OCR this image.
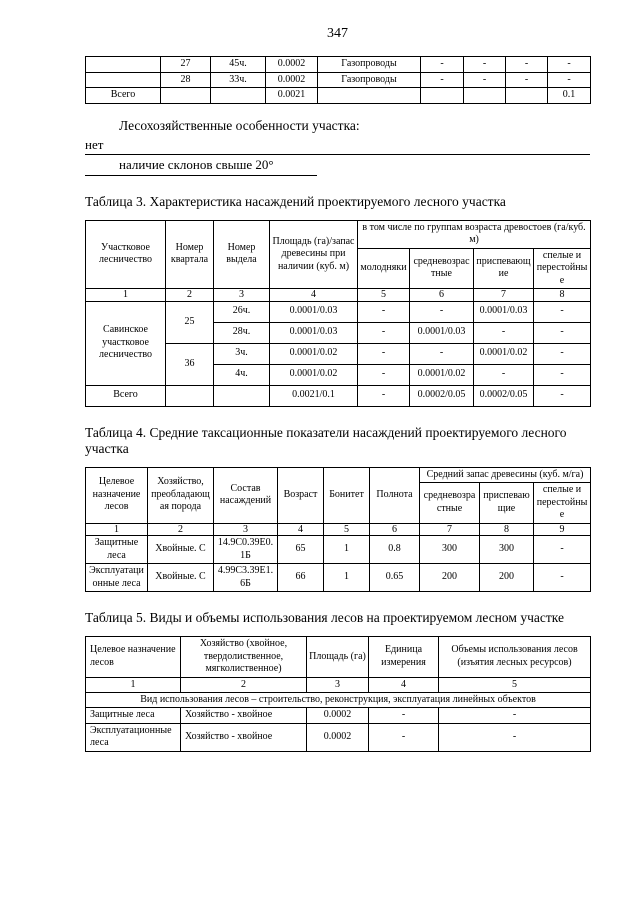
347
	27	45ч.	0.0002	Газопроводы	-	-	-	-
	28	33ч.	0.0002	Газопроводы	-	-	-	-
Всего			0.0021					0.1
Лесохозяйственные особенности участка:
нет
наличие склонов свыше 20°
Таблица 3. Характеристика насаждений проектируемого лесного участка
Участковое лесничество	Номер квартала	Номер выдела	Площадь (га)/запас древесины при наличии (куб. м)	в том числе по группам возраста древостоев (га/куб. м)			
				молодняки	средневозрастные	приспевающие	спелые и перестойные
1	2	3	4	5	6	7	8
Савинское участковое лесничество	25	26ч.	0.0001/0.03	-	-	0.0001/0.03	-
		28ч.	0.0001/0.03	-	0.0001/0.03	-	-
	36	3ч.	0.0001/0.02	-	-	0.0001/0.02	-
		4ч.	0.0001/0.02	-	0.0001/0.02	-	-
Всего			0.0021/0.1	-	0.0002/0.05	0.0002/0.05	-
Таблица 4. Средние таксационные показатели насаждений проектируемого лесного участка
Целевое назначение лесов	Хозяйство, преобладающая порода	Состав насаждений	Возраст	Бонитет	Полнота	Средний запас древесины (куб. м/га)		
						средневозрастные	приспевающие	спелые и перестойные
1	2	3	4	5	6	7	8	9
Защитные леса	Хвойные. С	14.9С0.39Е0.1Б	65	1	0.8	300	300	-
Эксплуатационные леса	Хвойные. С	4.99С3.39Е1.6Б	66	1	0.65	200	200	-
Таблица 5. Виды и объемы использования лесов на проектируемом лесном участке
Целевое назначение лесов	Хозяйство (хвойное, твердолиственное, мягколиственное)	Площадь (га)	Единица измерения	Объемы использования лесов (изъятия лесных ресурсов)
1	2	3	4	5
Вид использования лесов – строительство, реконструкция, эксплуатация линейных объектов				
Защитные леса	Хозяйство - хвойное	0.0002	-	-
Эксплуатационные леса	Хозяйство - хвойное	0.0002	-	-
